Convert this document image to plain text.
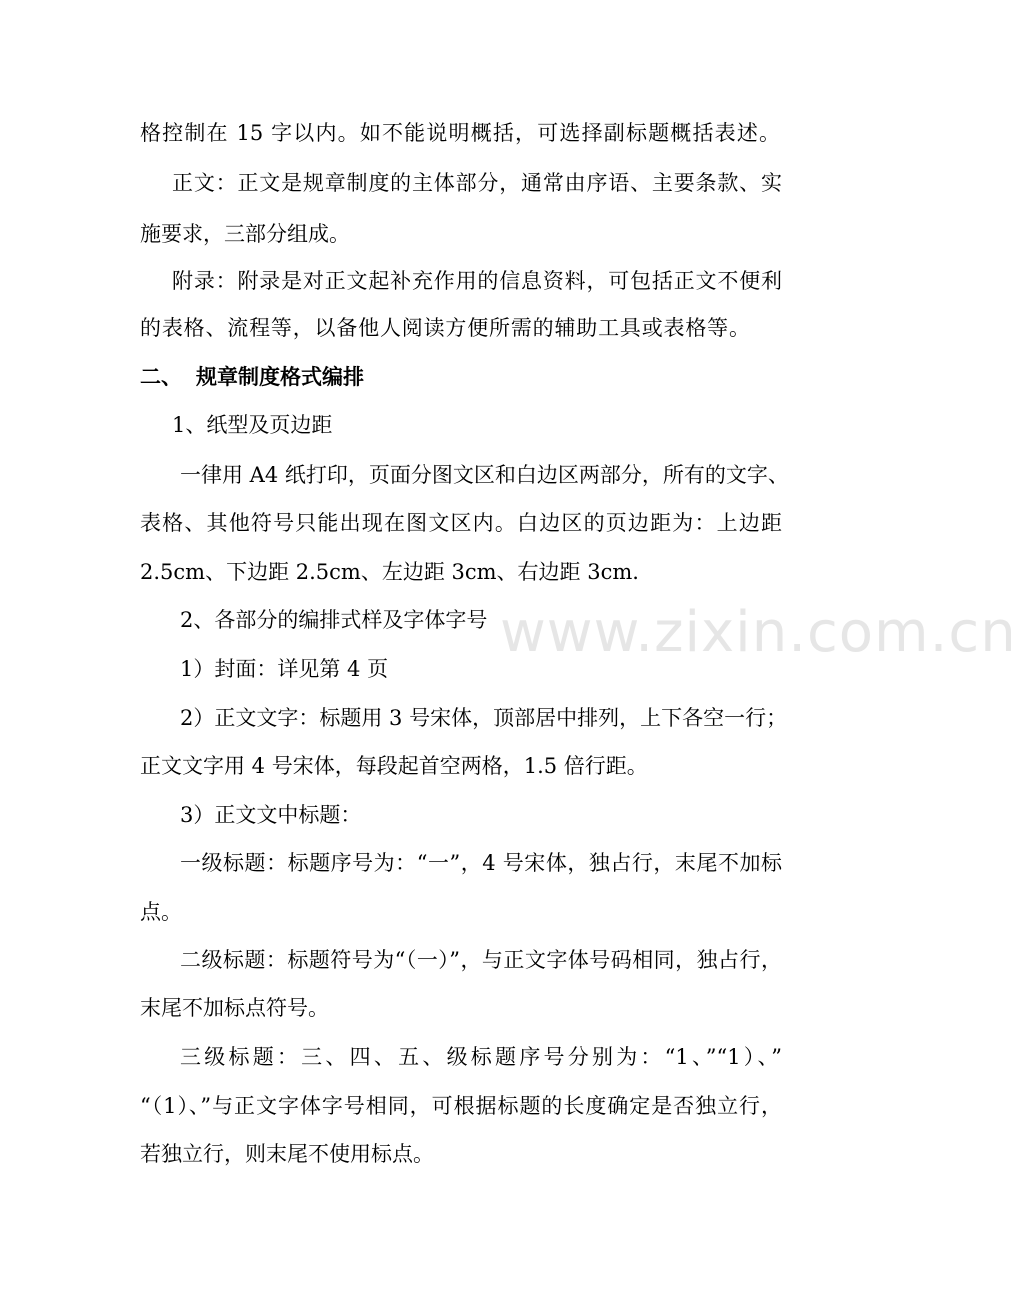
www.zixin.com.cn
格控制在 15 字以内。如不能说明概括，可选择副标题概括表述。
正文：正文是规章制度的主体部分，通常由序语、主要条款、实
施要求，三部分组成。
附录：附录是对正文起补充作用的信息资料，可包括正文不便利
的表格、流程等，以备他人阅读方便所需的辅助工具或表格等。
二、 规章制度格式编排
1、纸型及页边距
一律用 A4 纸打印，页面分图文区和白边区两部分，所有的文字、
表格、其他符号只能出现在图文区内。白边区的页边距为：上边距
2.5cm、下边距 2.5cm、左边距 3cm、右边距 3cm.
2、各部分的编排式样及字体字号
1）封面：详见第 4 页
2）正文文字：标题用 3 号宋体，顶部居中排列，上下各空一行；
正文文字用 4 号宋体，每段起首空两格，1.5 倍行距。
3）正文文中标题：
一级标题：标题序号为：“一”，4 号宋体，独占行，末尾不加标
点。
二级标题：标题符号为“（一）”，与正文字体号码相同，独占行，
末尾不加标点符号。
三级标题：三、四、五、级标题序号分别为：“1、”“1）、”
“（1）、”与正文字体字号相同，可根据标题的长度确定是否独立行，
若独立行，则末尾不使用标点。
